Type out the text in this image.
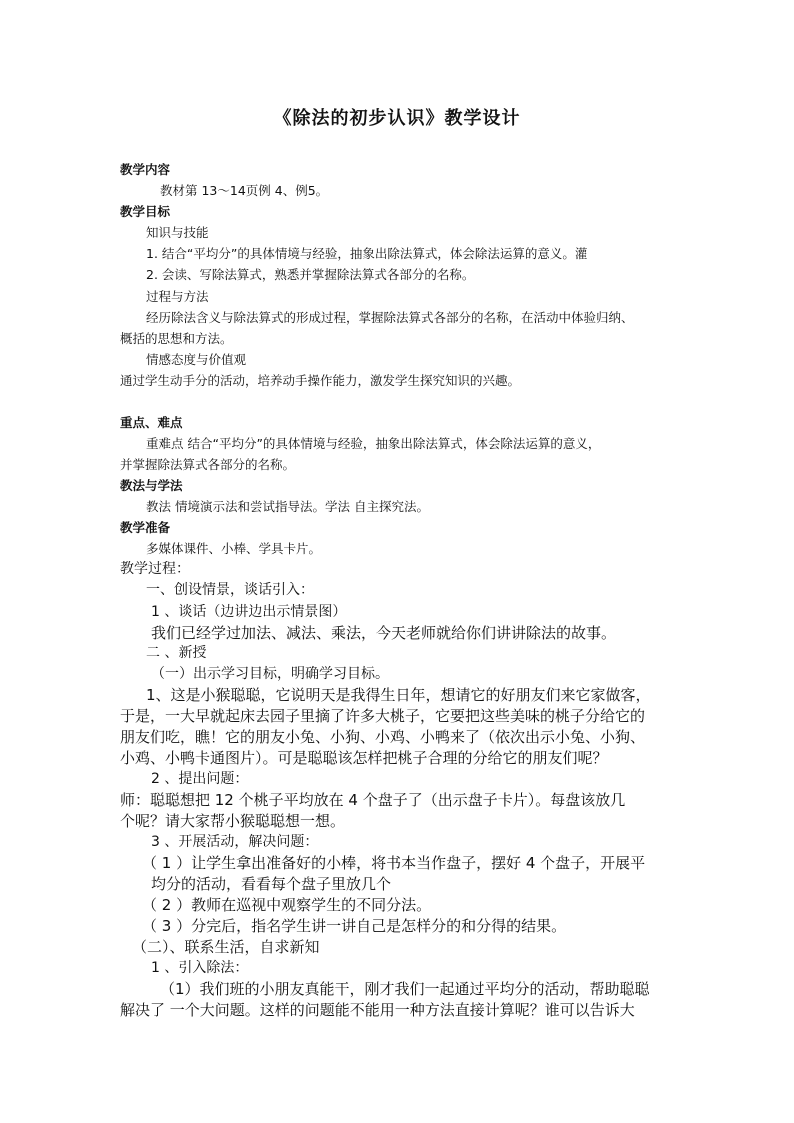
《除法的初步认识》教学设计
教学内容
教材第 13～14页例 4、例5。
教学目标
知识与技能
1. 结合“平均分”的具体情境与经验，抽象出除法算式，体会除法运算的意义。灌
2. 会读、写除法算式，熟悉并掌握除法算式各部分的名称。
过程与方法
经历除法含义与除法算式的形成过程，掌握除法算式各部分的名称，在活动中体验归纳、
概括的思想和方法。
情感态度与价值观
通过学生动手分的活动，培养动手操作能力，激发学生探究知识的兴趣。
重点、难点
重难点 结合“平均分”的具体情境与经验，抽象出除法算式，体会除法运算的意义，
并掌握除法算式各部分的名称。
教法与学法
教法 情境演示法和尝试指导法。学法 自主探究法。
教学准备
多媒体课件、小棒、学具卡片。
教学过程：
一、创设情景，谈话引入：
1 、谈话（边讲边出示情景图）
我们已经学过加法、减法、乘法，今天老师就给你们讲讲除法的故事。
二 、新授
（一）出示学习目标，明确学习目标。
1、这是小猴聪聪，它说明天是我得生日年，想请它的好朋友们来它家做客，
于是，一大早就起床去园子里摘了许多大桃子，它要把这些美味的桃子分给它的
朋友们吃，瞧！它的朋友小兔、小狗、小鸡、小鸭来了（依次出示小兔、小狗、
小鸡、小鸭卡通图片）。可是聪聪该怎样把桃子合理的分给它的朋友们呢？
2 、提出问题：
师：聪聪想把 12 个桃子平均放在 4 个盘子了（出示盘子卡片）。每盘该放几
个呢？请大家帮小猴聪聪想一想。
3 、开展活动，解决问题：
（ 1 ）让学生拿出准备好的小棒，将书本当作盘子，摆好 4 个盘子，开展平
均分的活动，看看每个盘子里放几个
（ 2 ）教师在巡视中观察学生的不同分法。
（ 3 ）分完后，指名学生讲一讲自己是怎样分的和分得的结果。
（二）、联系生活，自求新知
1 、引入除法：
（1）我们班的小朋友真能干，刚才我们一起通过平均分的活动，帮助聪聪
解决了 一个大问题。这样的问题能不能用一种方法直接计算呢？谁可以告诉大
